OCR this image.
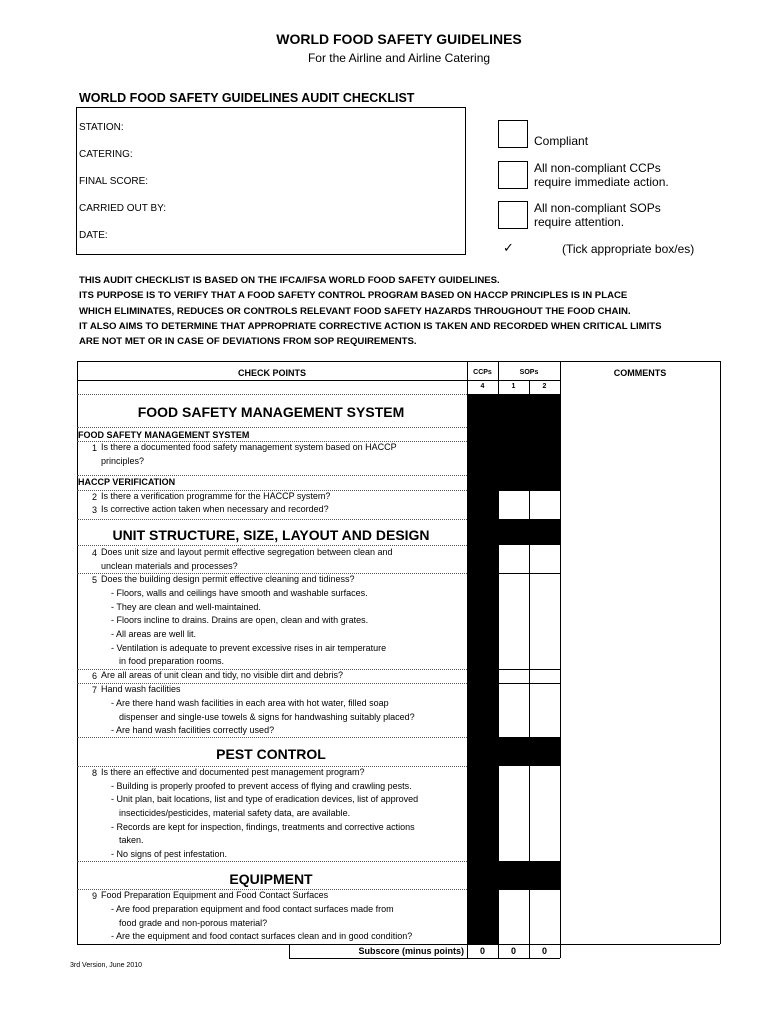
WORLD FOOD SAFETY GUIDELINES
For the Airline and Airline Catering
WORLD FOOD SAFETY GUIDELINES AUDIT CHECKLIST
STATION:
CATERING:
FINAL SCORE:
CARRIED OUT BY:
DATE:
Compliant
All non-compliant CCPs
require immediate action.
All non-compliant SOPs
require attention.
✓	(Tick appropriate box/es)
THIS AUDIT CHECKLIST IS BASED ON THE IFCA/IFSA WORLD FOOD SAFETY GUIDELINES.
ITS PURPOSE IS TO VERIFY THAT A FOOD SAFETY CONTROL PROGRAM BASED ON HACCP PRINCIPLES IS IN PLACE
WHICH ELIMINATES, REDUCES OR CONTROLS RELEVANT FOOD SAFETY HAZARDS THROUGHOUT THE FOOD CHAIN.
IT ALSO AIMS TO DETERMINE THAT APPROPRIATE CORRECTIVE ACTION IS TAKEN AND RECORDED WHEN CRITICAL LIMITS
ARE NOT MET OR IN CASE OF DEVIATIONS FROM SOP REQUIREMENTS.
CHECK POINTS	CCPs	SOPs	COMMENTS
4	1	2
FOOD SAFETY MANAGEMENT SYSTEM
FOOD SAFETY MANAGEMENT SYSTEM
1 Is there a documented food safety management system based on HACCP
principles?
HACCP VERIFICATION
2 Is there a verification programme for the HACCP system?
3 Is corrective action taken when necessary and recorded?
UNIT STRUCTURE, SIZE, LAYOUT AND DESIGN
4 Does unit size and layout permit effective segregation between clean and
unclean materials and processes?
5 Does the building design permit effective cleaning and tidiness?
- Floors, walls and ceilings have smooth and washable surfaces.
- They are clean and well-maintained.
- Floors incline to drains. Drains are open, clean and with grates.
- All areas are well lit.
- Ventilation is adequate to prevent excessive rises in air temperature
in food preparation rooms.
6 Are all areas of unit clean and tidy, no visible dirt and debris?
7 Hand wash facilities
- Are there hand wash facilities in each area with hot water, filled soap
dispenser and single-use towels & signs for handwashing suitably placed?
- Are hand wash facilities correctly used?
PEST CONTROL
8 Is there an effective and documented pest management program?
- Building is properly proofed to prevent access of flying and crawling pests.
- Unit plan, bait locations, list and type of eradication devices, list of approved
insecticides/pesticides, material safety data, are available.
- Records are kept for inspection, findings, treatments and corrective actions
taken.
- No signs of pest infestation.
EQUIPMENT
9 Food Preparation Equipment and Food Contact Surfaces
- Are food preparation equipment and food contact surfaces made from
food grade and non-porous material?
- Are the equipment and food contact surfaces clean and in good condition?
Subscore (minus points)	0	0	0
3rd Version, June 2010
